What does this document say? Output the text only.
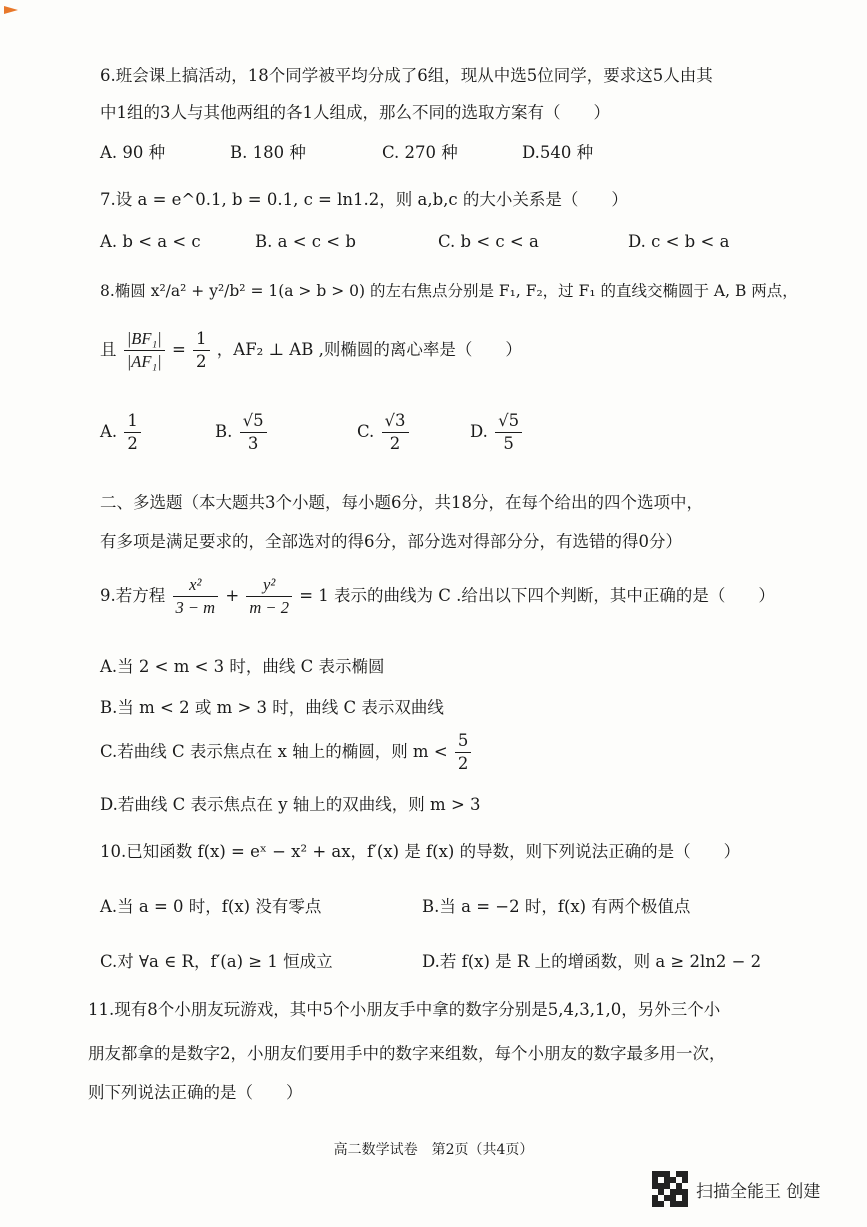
6.班会课上搞活动，18个同学被平均分成了6组，现从中选5位同学，要求这5人由其
中1组的3人与其他两组的各1人组成，那么不同的选取方案有（　　）
A. 90 种	B. 180 种	C. 270 种	D.540 种
7.设 a = e^0.1, b = 0.1, c = ln1.2，则 a,b,c 的大小关系是（　　）
A. b < a < c	B. a < c < b	C. b < c < a	D. c < b < a
8.椭圆 x²/a² + y²/b² = 1(a > b > 0) 的左右焦点分别是 F₁, F₂，过 F₁ 的直线交椭圆于 A, B 两点，
且 $\frac{\text{|BF₁|}}{\text{|AF₁|}} = \frac{1}{2}$ ，AF₂ ⊥ AB ,则椭圆的离心率是（　　）
A. $\frac{1}{2}$	B. $\frac{√5}{3}$	C. $\frac{√3}{2}$	D. $\frac{√5}{5}$
二、多选题（本大题共3个小题，每小题6分，共18分，在每个给出的四个选项中，
有多项是满足要求的，全部选对的得6分，部分选对得部分分，有选错的得0分）
9.若方程 $\frac{\text{x²}}{3 - m} + \frac{\text{y²}}{m - 2} = 1$ 表示的曲线为 C .给出以下四个判断，其中正确的是（　　）
A.当 2 < m < 3 时，曲线 C 表示椭圆
B.当 m < 2 或 m > 3 时，曲线 C 表示双曲线
C.若曲线 C 表示焦点在 x 轴上的椭圆，则 $m < \frac{5}{2}$
D.若曲线 C 表示焦点在 y 轴上的双曲线，则 m > 3
10.已知函数 f(x) = eˣ − x² + ax，f′(x) 是 f(x) 的导数，则下列说法正确的是（　　）
A.当 a = 0 时，f(x) 没有零点	B.当 a = −2 时，f(x) 有两个极值点
C.对 ∀a ∈ R，f′(a) ≥ 1 恒成立	D.若 f(x) 是 R 上的增函数，则 a ≥ 2ln2 − 2
11.现有8个小朋友玩游戏，其中5个小朋友手中拿的数字分别是5,4,3,1,0，另外三个小
朋友都拿的是数字2，小朋友们要用手中的数字来组数，每个小朋友的数字最多用一次，
则下列说法正确的是（　　）
高二数学试卷　第2页（共4页）
扫描全能王 创建
